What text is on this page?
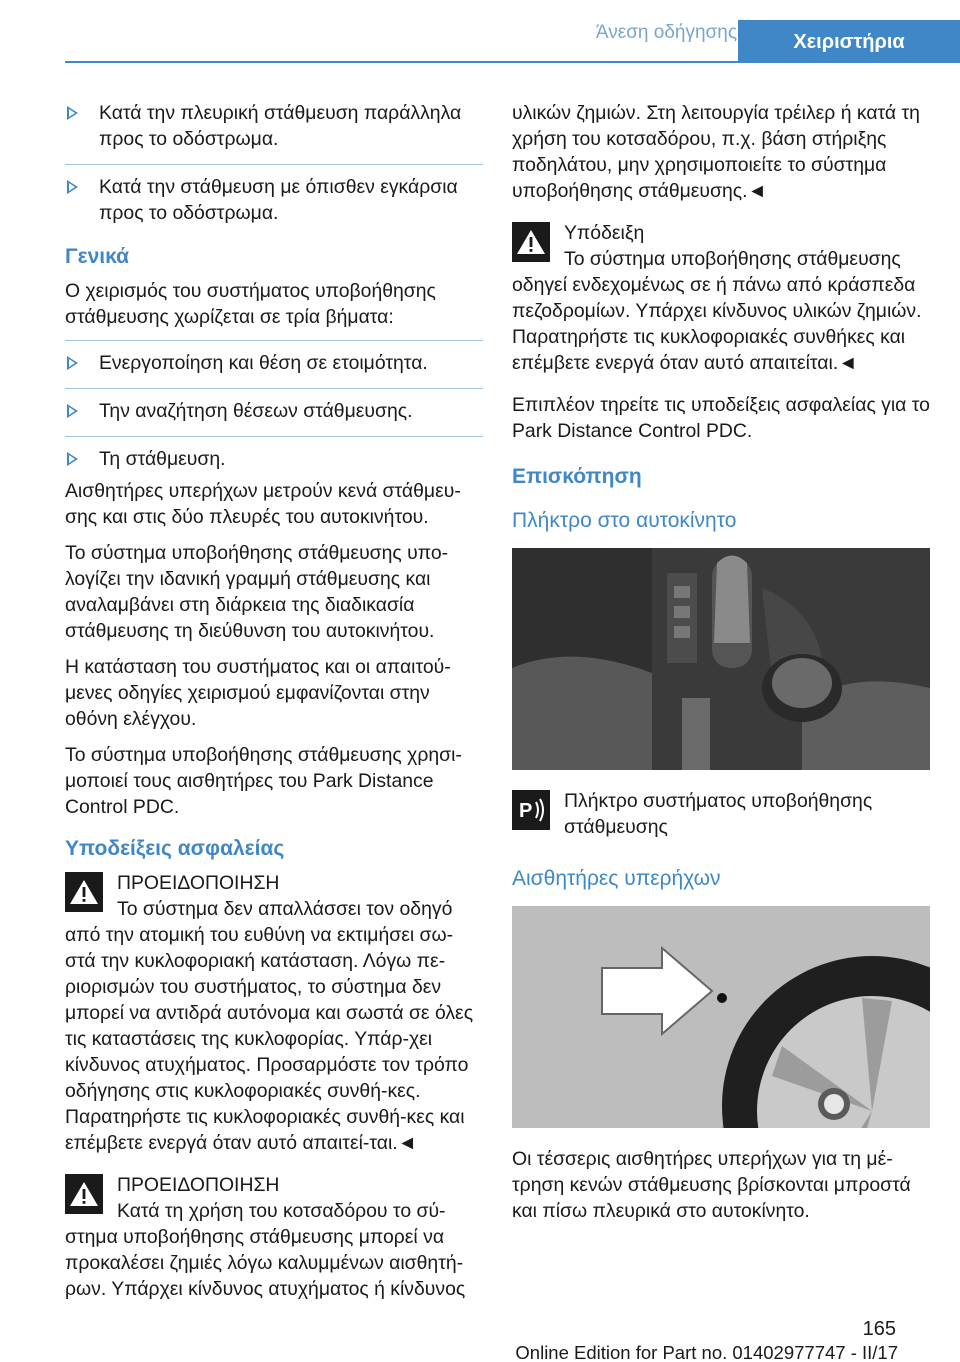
Άνεση οδήγησης	Χειριστήρια
Κατά την πλευρική στάθμευση παράλληλα προς το οδόστρωμα.
Κατά την στάθμευση με όπισθεν εγκάρσια προς το οδόστρωμα.
Γενικά

Ο χειρισμός του συστήματος υποβοήθησης στάθμευσης χωρίζεται σε τρία βήματα:

Ενεργοποίηση και θέση σε ετοιμότητα.
Την αναζήτηση θέσεων στάθμευσης.
Τη στάθμευση.

Αισθητήρες υπερήχων μετρούν κενά στάθμευ-σης και στις δύο πλευρές του αυτοκινήτου.

Το σύστημα υποβοήθησης στάθμευσης υπο-λογίζει την ιδανική γραμμή στάθμευσης και αναλαμβάνει στη διάρκεια της διαδικασία στάθμευσης τη διεύθυνση του αυτοκινήτου.

Η κατάσταση του συστήματος και οι απαιτού-μενες οδηγίες χειρισμού εμφανίζονται στην οθόνη ελέγχου.

Το σύστημα υποβοήθησης στάθμευσης χρησι-μοποιεί τους αισθητήρες του Park Distance Control PDC.

Υποδείξεις ασφαλείας
ΠΡΟΕΙΔΟΠΟΙΗΣΗ
Το σύστημα δεν απαλλάσσει τον οδηγό από την ατομική του ευθύνη να εκτιμήσει σω-στά την κυκλοφοριακή κατάσταση. Λόγω πε-ριορισμών του συστήματος, το σύστημα δεν μπορεί να αντιδρά αυτόνομα και σωστά σε όλες τις καταστάσεις της κυκλοφορίας. Υπάρ-χει κίνδυνος ατυχήματος. Προσαρμόστε τον τρόπο οδήγησης στις κυκλοφοριακές συνθή-κες. Παρατηρήστε τις κυκλοφοριακές συνθή-κες και επέμβετε ενεργά όταν αυτό απαιτεί-ται.◄
ΠΡΟΕΙΔΟΠΟΙΗΣΗ
Κατά τη χρήση του κοτσαδόρου το σύ-στημα υποβοήθησης στάθμευσης μπορεί να προκαλέσει ζημιές λόγω καλυμμένων αισθητή-ρων. Υπάρχει κίνδυνος ατυχήματος ή κίνδυνος

υλικών ζημιών. Στη λειτουργία τρέιλερ ή κατά τη χρήση του κοτσαδόρου, π.χ. βάση στήριξης ποδηλάτου, μην χρησιμοποιείτε το σύστημα υποβοήθησης στάθμευσης.◄

Υπόδειξη
Το σύστημα υποβοήθησης στάθμευσης οδηγεί ενδεχομένως σε ή πάνω από κράσπεδα πεζοδρομίων. Υπάρχει κίνδυνος υλικών ζημιών. Παρατηρήστε τις κυκλοφοριακές συνθήκες και επέμβετε ενεργά όταν αυτό απαιτείται.◄

Επιπλέον τηρείτε τις υποδείξεις ασφαλείας για το Park Distance Control PDC.

Επισκόπηση
Πλήκτρο στο αυτοκίνητο
P Πλήκτρο συστήματος υποβοήθησης στάθμευσης
Αισθητήρες υπερήχων

Οι τέσσερις αισθητήρες υπερήχων για τη μέ-τρηση κενών στάθμευσης βρίσκονται μπροστά και πίσω πλευρικά στο αυτοκίνητο.

165
Online Edition for Part no. 01402977747 - II/17
